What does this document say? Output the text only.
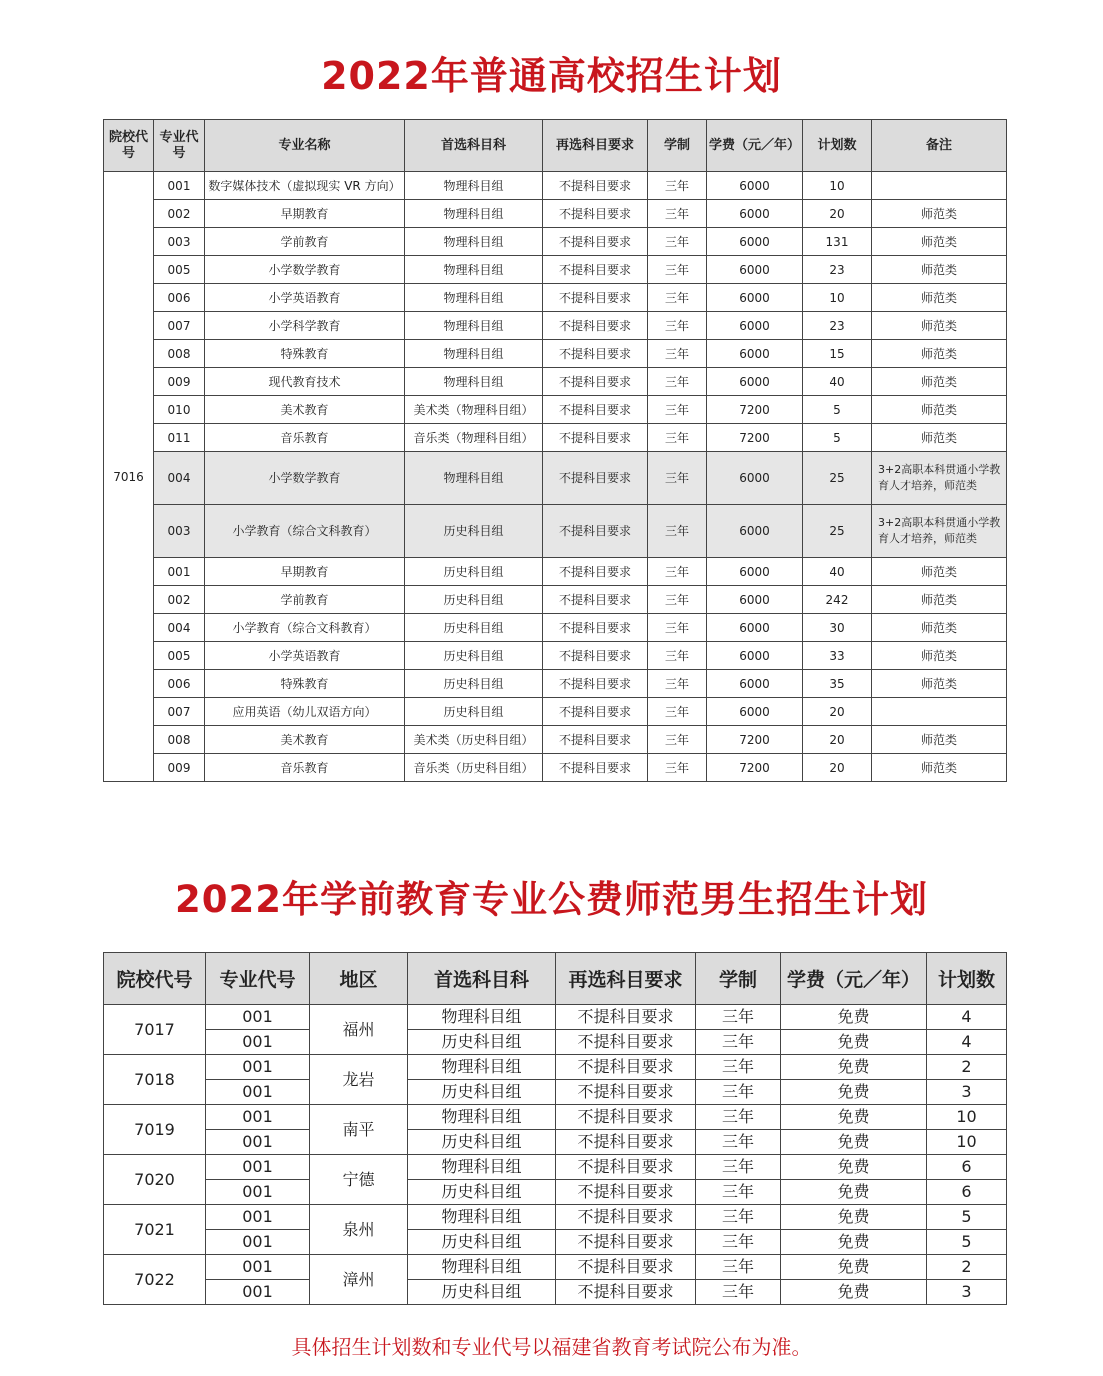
2022年普通高校招生计划
院校代号	专业代号	专业名称	首选科目科	再选科目要求	学制	学费（元／年）	计划数	备注
7016	001	数字媒体技术（虚拟现实 VR 方向）	物理科目组	不提科目要求	三年	6000	10	
	002	早期教育	物理科目组	不提科目要求	三年	6000	20	师范类
	003	学前教育	物理科目组	不提科目要求	三年	6000	131	师范类
	005	小学数学教育	物理科目组	不提科目要求	三年	6000	23	师范类
	006	小学英语教育	物理科目组	不提科目要求	三年	6000	10	师范类
	007	小学科学教育	物理科目组	不提科目要求	三年	6000	23	师范类
	008	特殊教育	物理科目组	不提科目要求	三年	6000	15	师范类
	009	现代教育技术	物理科目组	不提科目要求	三年	6000	40	师范类
	010	美术教育	美术类（物理科目组）	不提科目要求	三年	7200	5	师范类
	011	音乐教育	音乐类（物理科目组）	不提科目要求	三年	7200	5	师范类
	004	小学数学教育	物理科目组	不提科目要求	三年	6000	25	3+2高职本科贯通小学教育人才培养，师范类
	003	小学教育（综合文科教育）	历史科目组	不提科目要求	三年	6000	25	3+2高职本科贯通小学教育人才培养，师范类
	001	早期教育	历史科目组	不提科目要求	三年	6000	40	师范类
	002	学前教育	历史科目组	不提科目要求	三年	6000	242	师范类
	004	小学教育（综合文科教育）	历史科目组	不提科目要求	三年	6000	30	师范类
	005	小学英语教育	历史科目组	不提科目要求	三年	6000	33	师范类
	006	特殊教育	历史科目组	不提科目要求	三年	6000	35	师范类
	007	应用英语（幼儿双语方向）	历史科目组	不提科目要求	三年	6000	20	
	008	美术教育	美术类（历史科目组）	不提科目要求	三年	7200	20	师范类
	009	音乐教育	音乐类（历史科目组）	不提科目要求	三年	7200	20	师范类
2022年学前教育专业公费师范男生招生计划
院校代号	专业代号	地区	首选科目科	再选科目要求	学制	学费（元／年）	计划数
7017	001	福州	物理科目组	不提科目要求	三年	免费	4
	001		历史科目组	不提科目要求	三年	免费	4
7018	001	龙岩	物理科目组	不提科目要求	三年	免费	2
	001		历史科目组	不提科目要求	三年	免费	3
7019	001	南平	物理科目组	不提科目要求	三年	免费	10
	001		历史科目组	不提科目要求	三年	免费	10
7020	001	宁德	物理科目组	不提科目要求	三年	免费	6
	001		历史科目组	不提科目要求	三年	免费	6
7021	001	泉州	物理科目组	不提科目要求	三年	免费	5
	001		历史科目组	不提科目要求	三年	免费	5
7022	001	漳州	物理科目组	不提科目要求	三年	免费	2
	001		历史科目组	不提科目要求	三年	免费	3

具体招生计划数和专业代号以福建省教育考试院公布为准。
